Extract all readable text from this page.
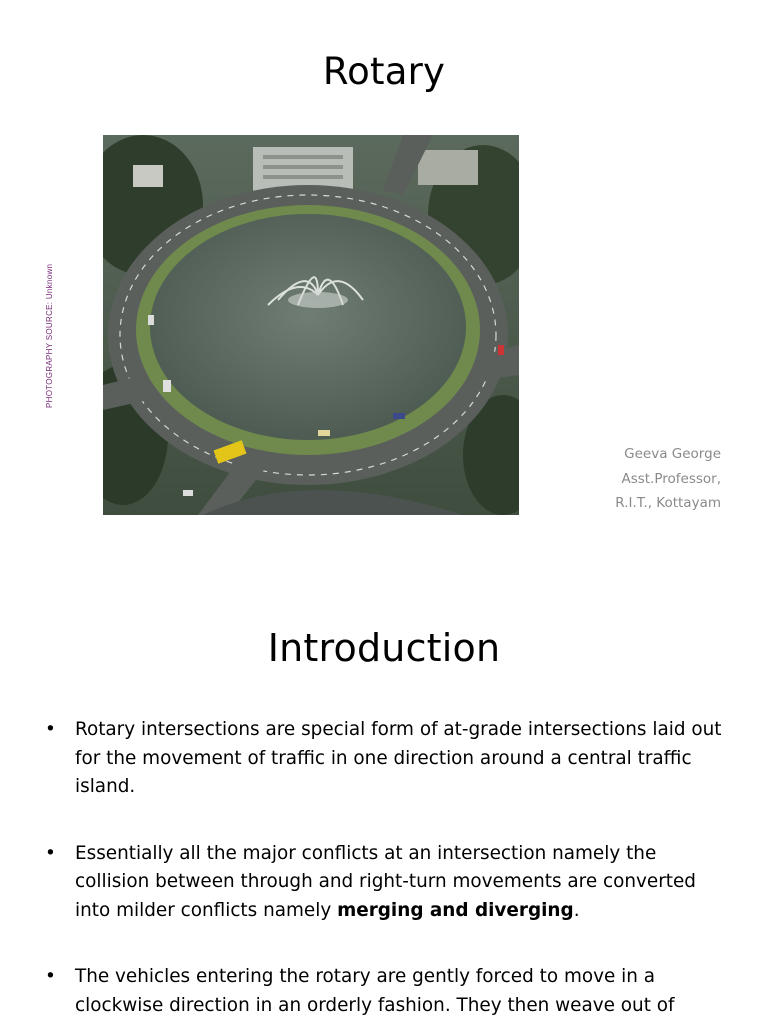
Rotary
PHOTOGRAPHY SOURCE: Unknown
Geeva George
Asst.Professor,
R.I.T., Kottayam
Introduction
• Rotary intersections are special form of at-grade intersections laid out for the movement of traffic in one direction around a central traffic island.
• Essentially all the major conflicts at an intersection namely the collision between through and right-turn movements are converted into milder conflicts namely merging and diverging.
• The vehicles entering the rotary are gently forced to move in a clockwise direction in an orderly fashion. They then weave out of
